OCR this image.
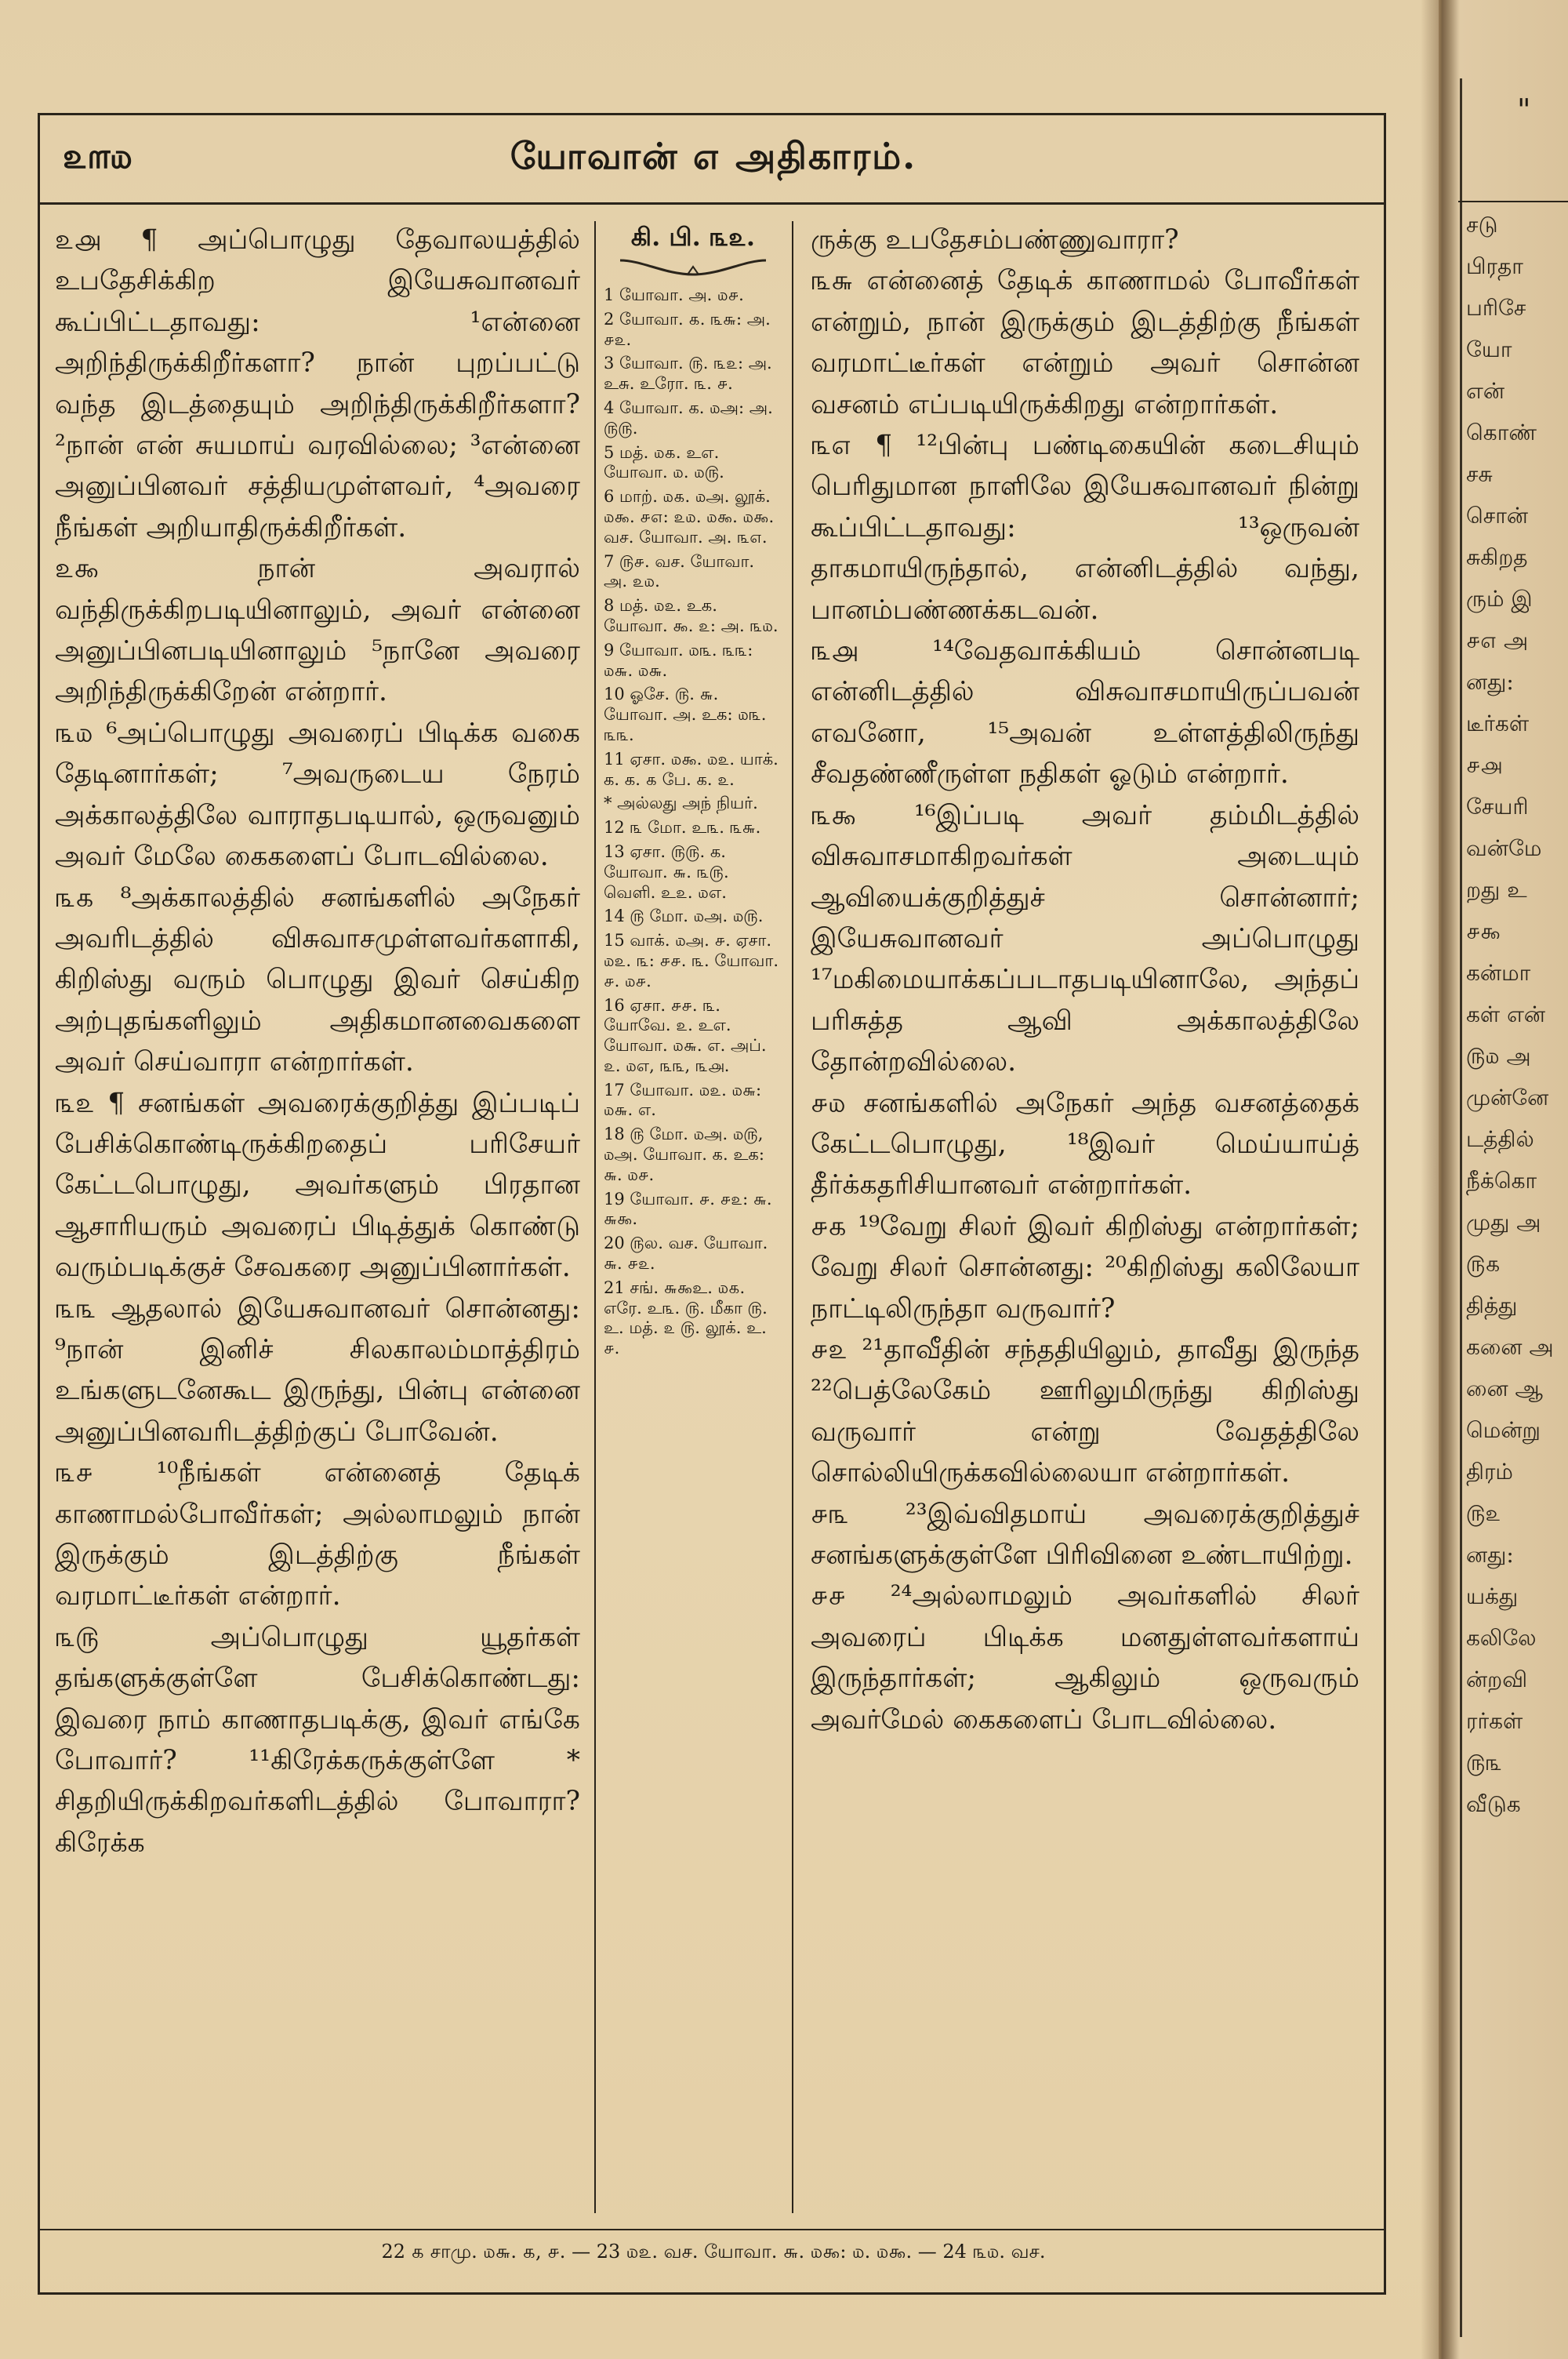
௨௱௰	யோவான் ௭ அதிகாரம்.

௨௮ ¶ அப்பொழுது தேவாலயத்தில் உபதேசிக்கிற இயேசுவானவர் கூப்பிட்டதாவது: ¹என்னை அறிந்திருக்கிறீர்களா? நான் புறப்பட்டு வந்த இடத்தையும் அறிந்திருக்கிறீர்களா? ²நான் என் சுயமாய் வரவில்லை; ³என்னை அனுப்பினவர் சத்தியமுள்ளவர், ⁴அவரை நீங்கள் அறியாதிருக்கிறீர்கள்.

௨௯ நான் அவரால் வந்திருக்கிறபடியினாலும், அவர் என்னை அனுப்பினபடியினாலும் ⁵நானே அவரை அறிந்திருக்கிறேன் என்றார்.

௩௰ ⁶அப்பொழுது அவரைப் பிடிக்க வகை தேடினார்கள்; ⁷அவருடைய நேரம் அக்காலத்திலே வாராதபடியால், ஒருவனும் அவர் மேலே கைகளைப் போடவில்லை.

௩௧ ⁸அக்காலத்தில் சனங்களில் அநேகர் அவரிடத்தில் விசுவாசமுள்ளவர்களாகி, கிறிஸ்து வரும் பொழுது இவர் செய்கிற அற்புதங்களிலும் அதிகமானவைகளை அவர் செய்வாரா என்றார்கள்.

௩௨ ¶ சனங்கள் அவரைக்குறித்து இப்படிப் பேசிக்கொண்டிருக்கிறதைப் பரிசேயர் கேட்டபொழுது, அவர்களும் பிரதான ஆசாரியரும் அவரைப் பிடித்துக் கொண்டு வரும்படிக்குச் சேவகரை அனுப்பினார்கள்.

௩௩ ஆதலால் இயேசுவானவர் சொன்னது: ⁹நான் இனிச் சிலகாலம்மாத்திரம் உங்களுடனேகூட இருந்து, பின்பு என்னை அனுப்பினவரிடத்திற்குப் போவேன்.

௩௪ ¹⁰நீங்கள் என்னைத் தேடிக் காணாமல்போவீர்கள்; அல்லாமலும் நான் இருக்கும் இடத்திற்கு நீங்கள் வரமாட்டீர்கள் என்றார்.

௩௫ அப்பொழுது யூதர்கள் தங்களுக்குள்ளே பேசிக்கொண்டது: இவரை நாம் காணாதபடிக்கு, இவர் எங்கே போவார்? ¹¹கிரேக்கருக்குள்ளே * சிதறியிருக்கிறவர்களிடத்தில் போவாரா? கிரேக்க

கி. பி. ௩௨.
1 யோவா. அ. ௰௪.
2 யோவா. ௧. ௩௬: அ. ௪௨.
3 யோவா. ௫. ௩௨: அ. உசு. உரோ. ௩. ௪.
4 யோவா. க. ௰அ: அ. ௫௫.
5 மத். ௰௧. உஎ. யோவா. ௰. ௰௫.
6 மாற். ௰௧. ௰அ. லூக். ௰௯. ௪௭: ௨௰. ௰௯. ௰௯. வச. யோவா. அ. ௩௭.
7 ௫௪. வச. யோவா. அ. ௨௰.
8 மத். ௰௨. உக. யோவா. ௯. ௨: அ. ௩௰.
9 யோவா. ௰௩. ௩௩: ௰௬. ௰௬.
10 ஓசே. ௫. ௬. யோவா. அ. உக: ௰௩. ௩௩.
11 ஏசா. ௰௯. ௰௨. யாக். க. க. ௧ பே. க. ௨.
* அல்லது அந் நியர்.
12 ௩ மோ. உ௩. ௩௬.
13 ஏசா. ௫௫. க. யோவா. ௬. ௩௫. வெளி. உ௨. ௰எ.
14 ௫ மோ. ௰அ. ௰௫.
15 வாக். ௰அ. ௪. ஏசா. ௰௨. ௩: ௪௪. ௩. யோவா. ௪. ௰௪.
16 ஏசா. ௪௪. ௩. யோவே. ௨. உஎ. யோவா. ௰௬. எ. அப். ௨. ௰எ, ௩௩, ௩௮.
17 யோவா. ௰௨. ௰௬: ௰௬. எ.
18 ௫ மோ. ௰அ. ௰௫, ௰அ. யோவா. க. உக: ௬. ௰௪.
19 யோவா. ௪. ௪௨: ௬. ௬௯.
20 ௫ல. வச. யோவா. ௬. ௪௨.
21 சங். ௬௯உ. ௰௧. எரே. உ௩. ௫. மீகா ௫. உ. மத். ௨ ௫. லூக். உ. ௪.

ருக்கு உபதேசம்பண்ணுவாரா?

௩௬ என்னைத் தேடிக் காணாமல் போவீர்கள் என்றும், நான் இருக்கும் இடத்திற்கு நீங்கள் வரமாட்டீர்கள் என்றும் அவர் சொன்ன வசனம் எப்படியிருக்கிறது என்றார்கள்.

௩௭ ¶ ¹²பின்பு பண்டிகையின் கடைசியும் பெரிதுமான நாளிலே இயேசுவானவர் நின்று கூப்பிட்டதாவது: ¹³ஒருவன் தாகமாயிருந்தால், என்னிடத்தில் வந்து, பானம்பண்ணக்கடவன்.

௩௮ ¹⁴வேதவாக்கியம் சொன்னபடி என்னிடத்தில் விசுவாசமாயிருப்பவன் எவனோ, ¹⁵அவன் உள்ளத்திலிருந்து சீவதண்ணீருள்ள நதிகள் ஓடும் என்றார்.

௩௯ ¹⁶இப்படி அவர் தம்மிடத்தில் விசுவாசமாகிறவர்கள் அடையும் ஆவியைக்குறித்துச் சொன்னார்; இயேசுவானவர் அப்பொழுது ¹⁷மகிமையாக்கப்படாதபடியினாலே, அந்தப் பரிசுத்த ஆவி அக்காலத்திலே தோன்றவில்லை.

௪௰ சனங்களில் அநேகர் அந்த வசனத்தைக் கேட்டபொழுது, ¹⁸இவர் மெய்யாய்த் தீர்க்கதரிசியானவர் என்றார்கள்.

௪௧ ¹⁹வேறு சிலர் இவர் கிறிஸ்து என்றார்கள்; வேறு சிலர் சொன்னது: ²⁰கிறிஸ்து கலிலேயா நாட்டிலிருந்தா வருவார்?

௪௨ ²¹தாவீதின் சந்ததியிலும், தாவீது இருந்த ²²பெத்லேகேம் ஊரிலுமிருந்து கிறிஸ்து வருவார் என்று வேதத்திலே சொல்லியிருக்கவில்லையா என்றார்கள்.

௪௩ ²³இவ்விதமாய் அவரைக்குறித்துச் சனங்களுக்குள்ளே பிரிவினை உண்டாயிற்று.

௪௪ ²⁴அல்லாமலும் அவர்களில் சிலர் அவரைப் பிடிக்க மனதுள்ளவர்களாய் இருந்தார்கள்; ஆகிலும் ஒருவரும் அவர்மேல் கைகளைப் போடவில்லை.

22 ௧ சாமு. ௰௬. ௧, ௪. — 23 ௰௨. வச. யோவா. ௬. ௰௯: ௰. ௰௯. — 24 ௩௰. வச.
"
சடு
பிரதா
பரிசே
யோ
என்
கொண்
சசு
சொன்
சுகிறத
ரும் இ
௪௭ அ
னது:
டீர்கள்
௪௮
சேயரி
வன்மே
றது உ
௪௯
கன்மா
கள் என்
௫௰ அ
முன்னே
டத்தில்
நீக்கொ
முது அ
௫௧
தித்து
கனை அ
னை ஆ
மென்று
திரம்
௫௨
னது:
யக்து
கலிலே
ன்றவி
ரர்கள்
௫௩
வீடுக
